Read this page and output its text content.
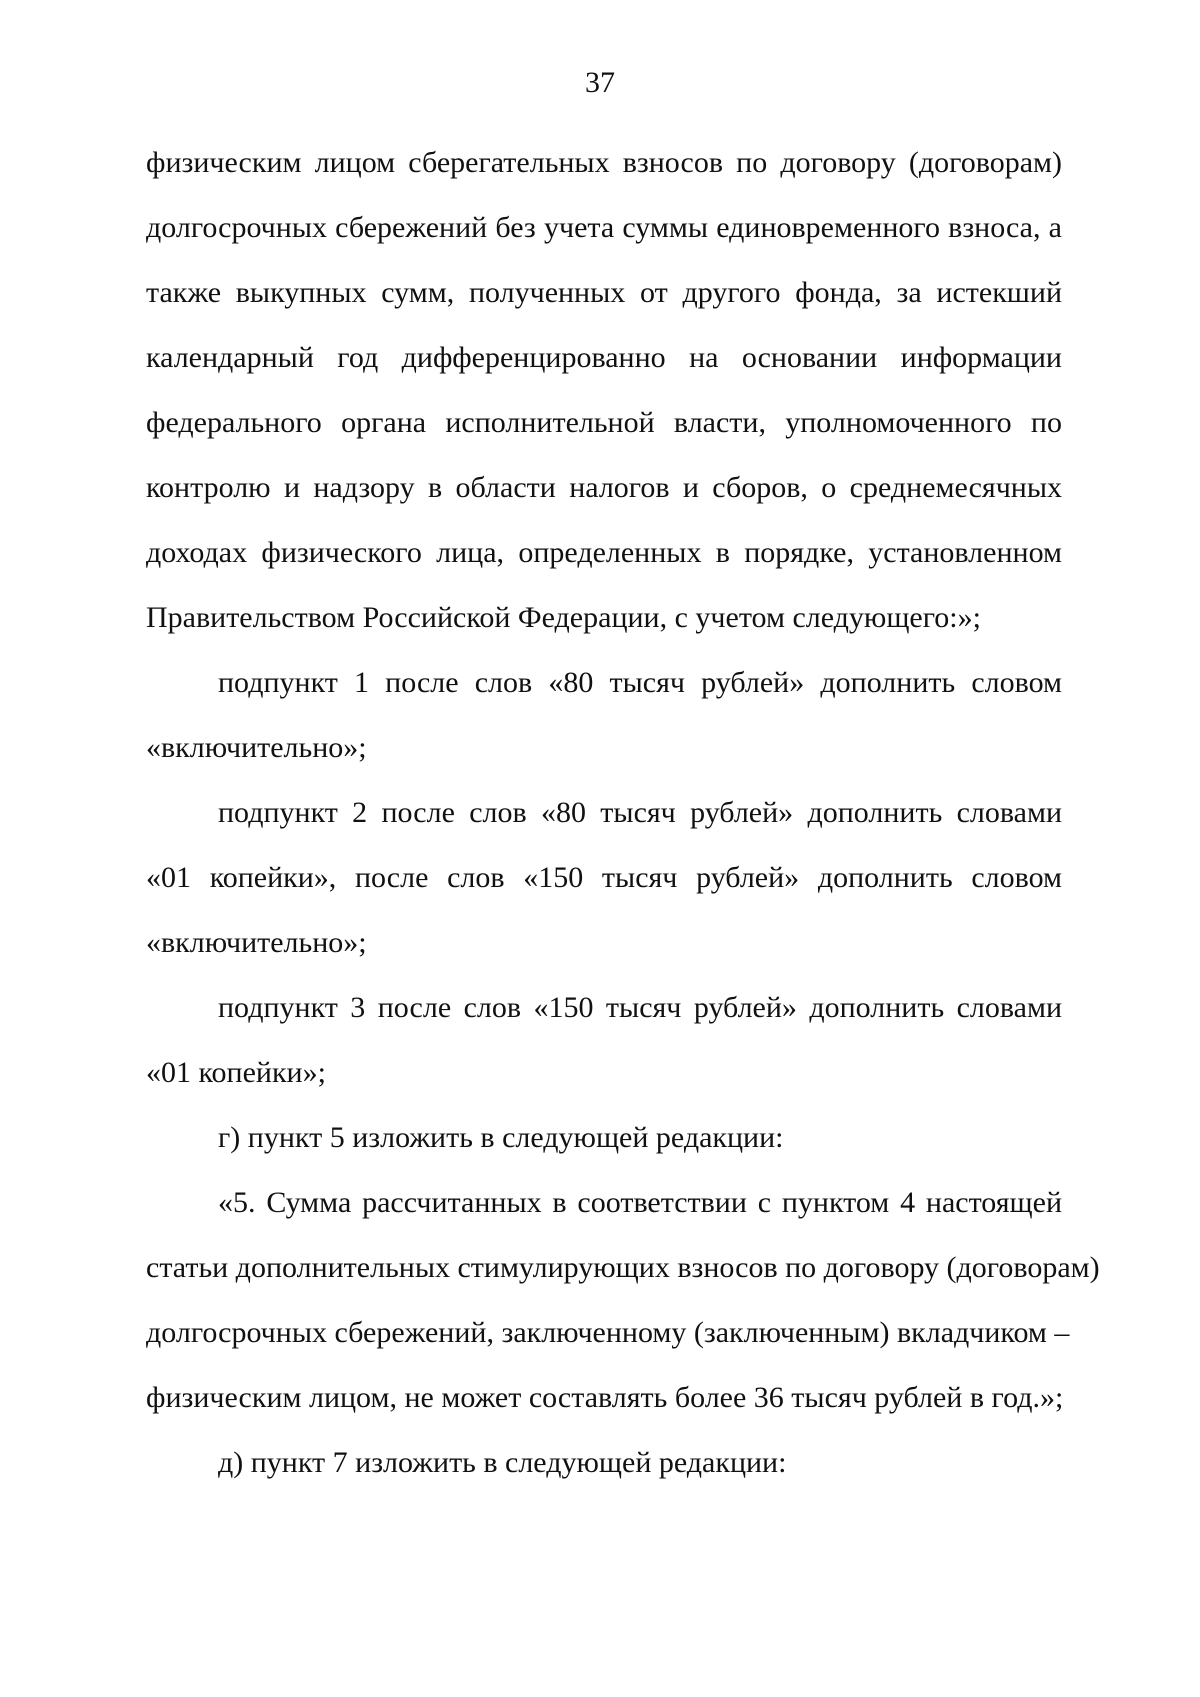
37
физическим лицом сберегательных взносов по договору (договорам)
долгосрочных сбережений без учета суммы единовременного взноса, а
также выкупных сумм, полученных от другого фонда, за истекший
календарный год дифференцированно на основании информации
федерального органа исполнительной власти, уполномоченного по
контролю и надзору в области налогов и сборов, о среднемесячных
доходах физического лица, определенных в порядке, установленном
Правительством Российской Федерации, с учетом следующего:»;
подпункт 1 после слов «80 тысяч рублей» дополнить словом
«включительно»;
подпункт 2 после слов «80 тысяч рублей» дополнить словами
«01 копейки», после слов «150 тысяч рублей» дополнить словом
«включительно»;
подпункт 3 после слов «150 тысяч рублей» дополнить словами
«01 копейки»;
г) пункт 5 изложить в следующей редакции:
«5. Сумма рассчитанных в соответствии с пунктом 4 настоящей
статьи дополнительных стимулирующих взносов по договору (договорам)
долгосрочных сбережений, заключенному (заключенным) вкладчиком –
физическим лицом, не может составлять более 36 тысяч рублей в год.»;
д) пункт 7 изложить в следующей редакции:
